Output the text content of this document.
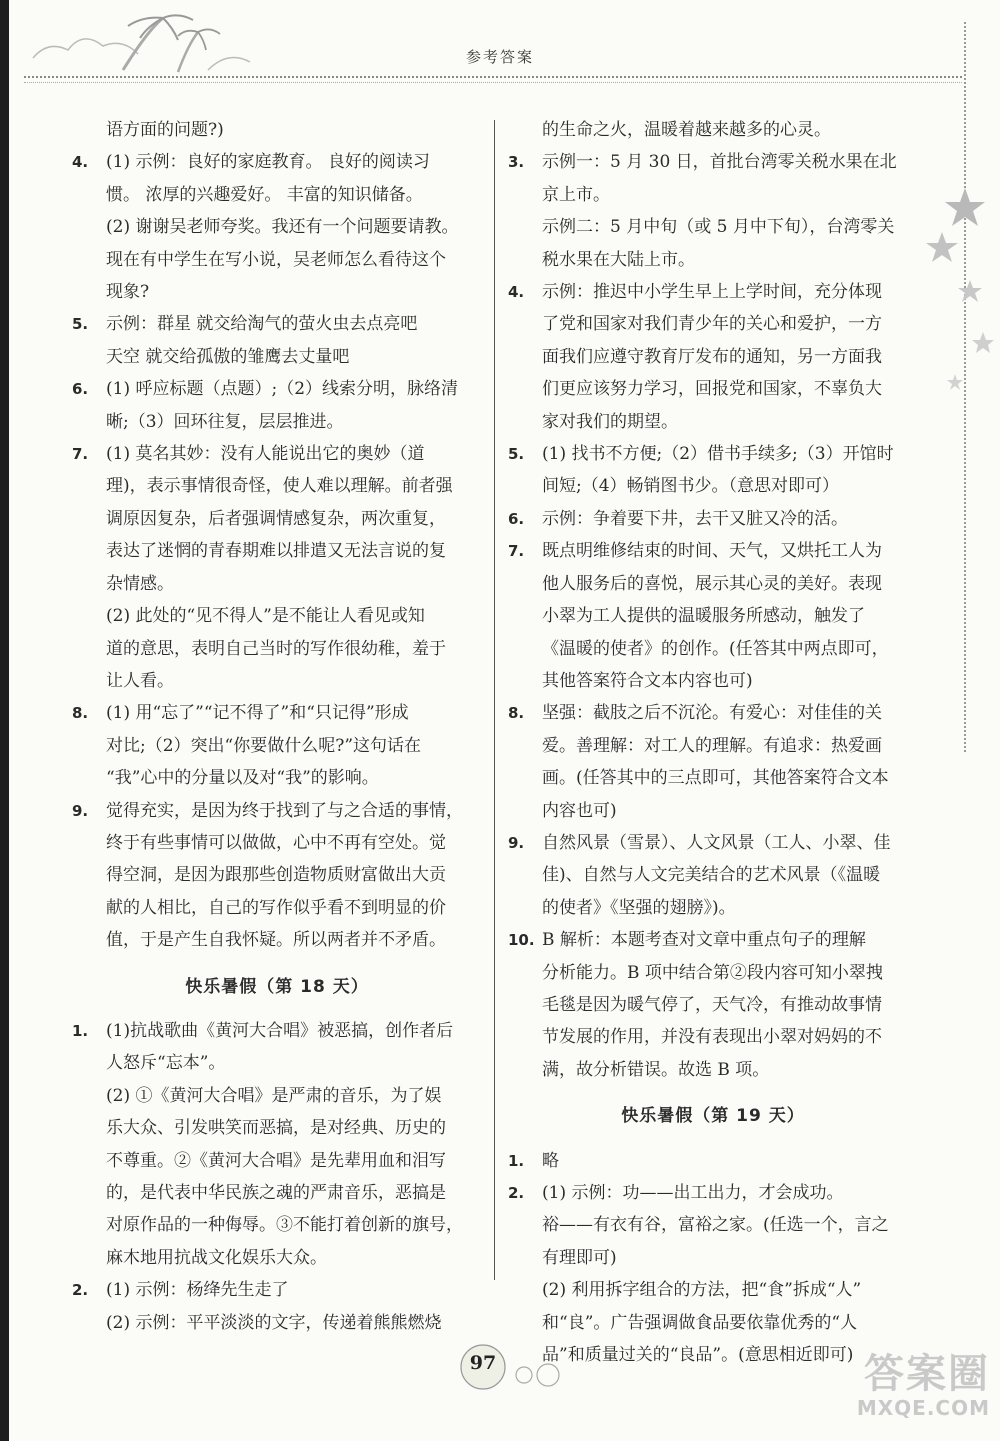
参考答案
语方面的问题?)
4. (1) 示例：良好的家庭教育。 良好的阅读习
惯。 浓厚的兴趣爱好。 丰富的知识储备。
(2) 谢谢吴老师夸奖。我还有一个问题要请教。
现在有中学生在写小说，吴老师怎么看待这个
现象?
5. 示例：群星 就交给淘气的萤火虫去点亮吧
天空 就交给孤傲的雏鹰去丈量吧
6. (1) 呼应标题（点题）;（2）线索分明，脉络清
晰;（3）回环往复，层层推进。
7. (1) 莫名其妙：没有人能说出它的奥妙（道
理)，表示事情很奇怪，使人难以理解。前者强
调原因复杂，后者强调情感复杂，两次重复，
表达了迷惘的青春期难以排遣又无法言说的复
杂情感。
(2) 此处的“见不得人”是不能让人看见或知
道的意思，表明自己当时的写作很幼稚，羞于
让人看。
8. (1) 用“忘了”“记不得了”和“只记得”形成
对比;（2）突出“你要做什么呢?”这句话在
“我”心中的分量以及对“我”的影响。
9. 觉得充实，是因为终于找到了与之合适的事情，
终于有些事情可以做做，心中不再有空处。觉
得空洞，是因为跟那些创造物质财富做出大贡
献的人相比，自己的写作似乎看不到明显的价
值，于是产生自我怀疑。所以两者并不矛盾。
快乐暑假（第 18 天）
1. (1)抗战歌曲《黄河大合唱》被恶搞，创作者后
人怒斥“忘本”。
(2) ①《黄河大合唱》是严肃的音乐，为了娱
乐大众、引发哄笑而恶搞，是对经典、历史的
不尊重。②《黄河大合唱》是先辈用血和泪写
的，是代表中华民族之魂的严肃音乐，恶搞是
对原作品的一种侮辱。③不能打着创新的旗号，
麻木地用抗战文化娱乐大众。
2. (1) 示例：杨绛先生走了
(2) 示例：平平淡淡的文字，传递着熊熊燃烧
的生命之火，温暖着越来越多的心灵。
3. 示例一：5 月 30 日，首批台湾零关税水果在北
京上市。
示例二：5 月中旬（或 5 月中下旬），台湾零关
税水果在大陆上市。
4. 示例：推迟中小学生早上上学时间，充分体现
了党和国家对我们青少年的关心和爱护，一方
面我们应遵守教育厅发布的通知，另一方面我
们更应该努力学习，回报党和国家，不辜负大
家对我们的期望。
5. (1) 找书不方便;（2）借书手续多;（3）开馆时
间短;（4）畅销图书少。（意思对即可）
6. 示例：争着要下井，去干又脏又冷的活。
7. 既点明维修结束的时间、天气，又烘托工人为
他人服务后的喜悦，展示其心灵的美好。表现
小翠为工人提供的温暖服务所感动，触发了
《温暖的使者》的创作。(任答其中两点即可，
其他答案符合文本内容也可)
8. 坚强：截肢之后不沉沦。有爱心：对佳佳的关
爱。善理解：对工人的理解。有追求：热爱画
画。(任答其中的三点即可，其他答案符合文本
内容也可)
9. 自然风景（雪景）、人文风景（工人、小翠、佳
佳)、自然与人文完美结合的艺术风景（《温暖
的使者》《坚强的翅膀》)。
10. B 解析：本题考查对文章中重点句子的理解
分析能力。B 项中结合第②段内容可知小翠拽
毛毯是因为暖气停了，天气冷，有推动故事情
节发展的作用，并没有表现出小翠对妈妈的不
满，故分析错误。故选 B 项。
快乐暑假（第 19 天）
1. 略
2. (1) 示例：功——出工出力，才会成功。
裕——有衣有谷，富裕之家。(任选一个，言之
有理即可)
(2) 利用拆字组合的方法，把“食”拆成“人”
和“良”。广告强调做食品要依靠优秀的“人
品”和质量过关的“良品”。(意思相近即可)
97	答案圈
MXQE.COM
